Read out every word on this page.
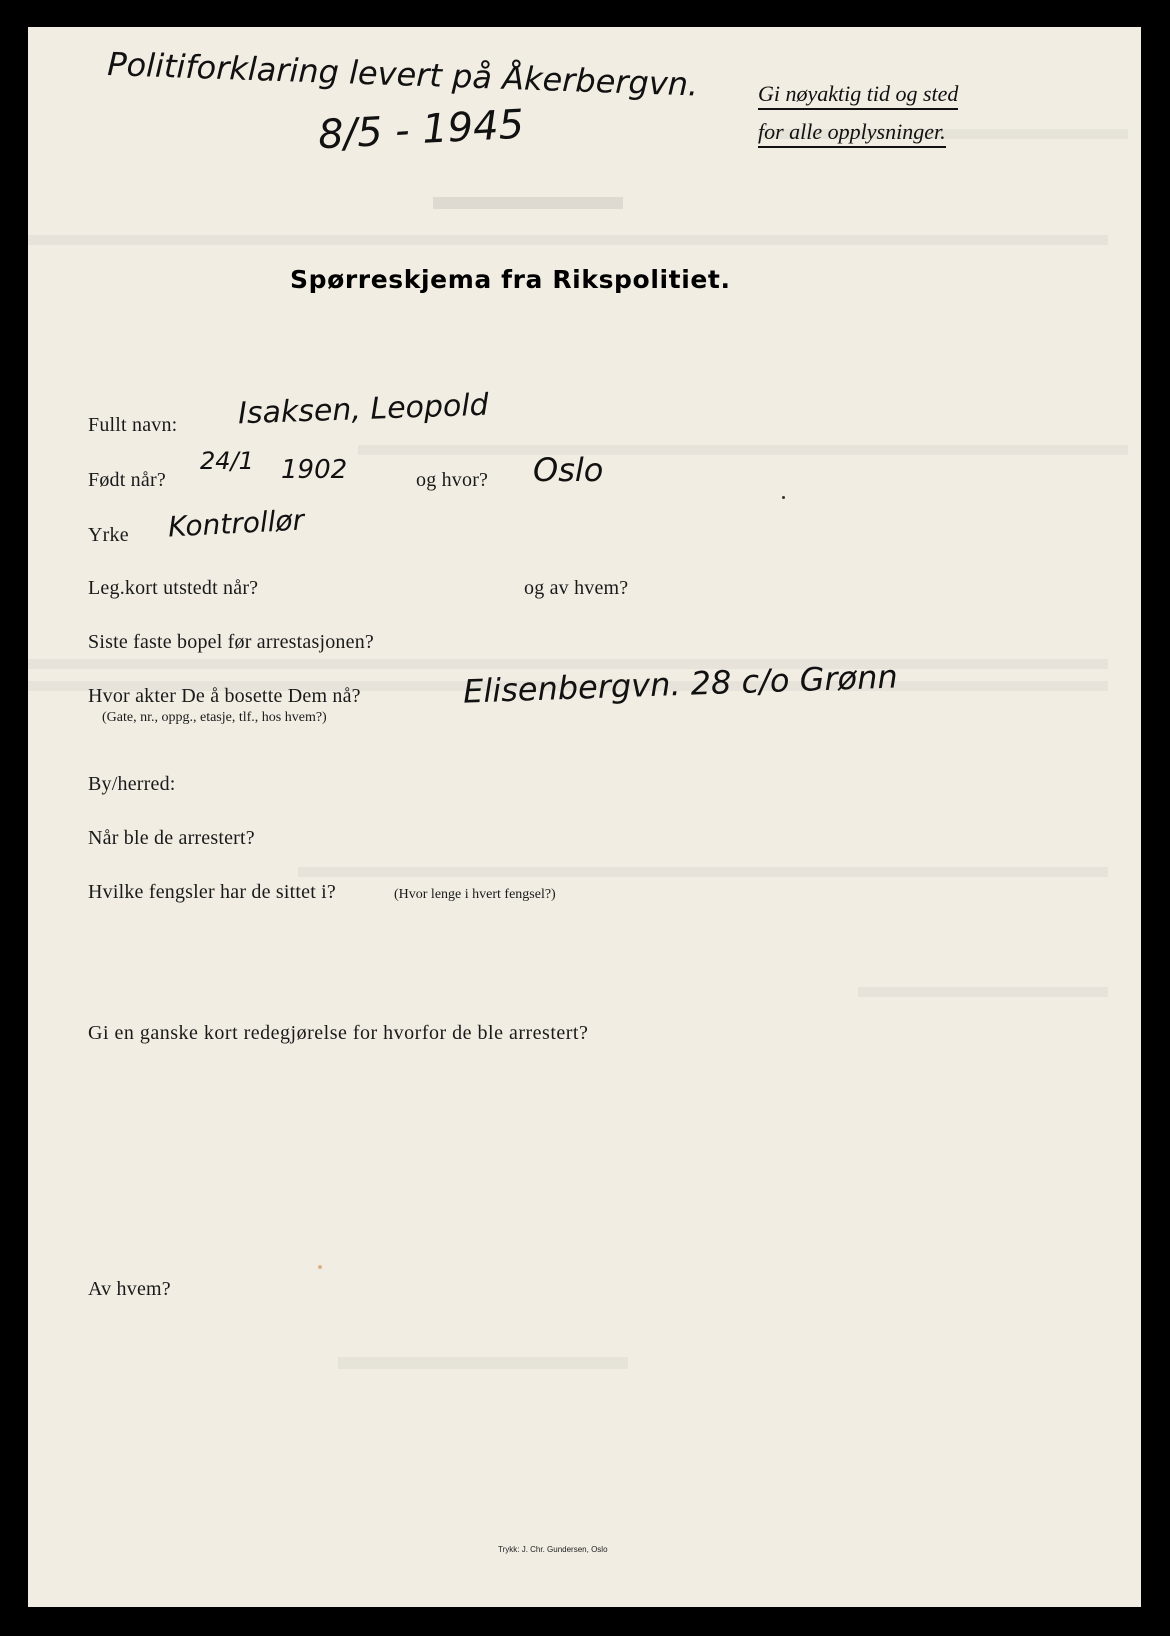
Politiforklaring levert på Åkerbergvn.
8/5 - 1945
Gi nøyaktig tid og sted
for alle opplysninger.
Spørreskjema fra Rikspolitiet.
Fullt navn: Isaksen, Leopold
Født når?
24/1 1902	og hvor? Oslo
Yrke Kontrollør
Leg.kort utstedt når?	og av hvem?
Siste faste bopel før arrestasjonen?
Hvor akter De å bosette Dem nå?
(Gate, nr., oppg., etasje, tlf., hos hvem?)
Elisenbergvn. 28 c/o Grønn
By/herred:
Når ble de arrestert?
Hvilke fengsler har de sittet i?	(Hvor lenge i hvert fengsel?)
Gi en ganske kort redegjørelse for hvorfor de ble arrestert?
Av hvem?
Trykk: J. Chr. Gundersen, Oslo
